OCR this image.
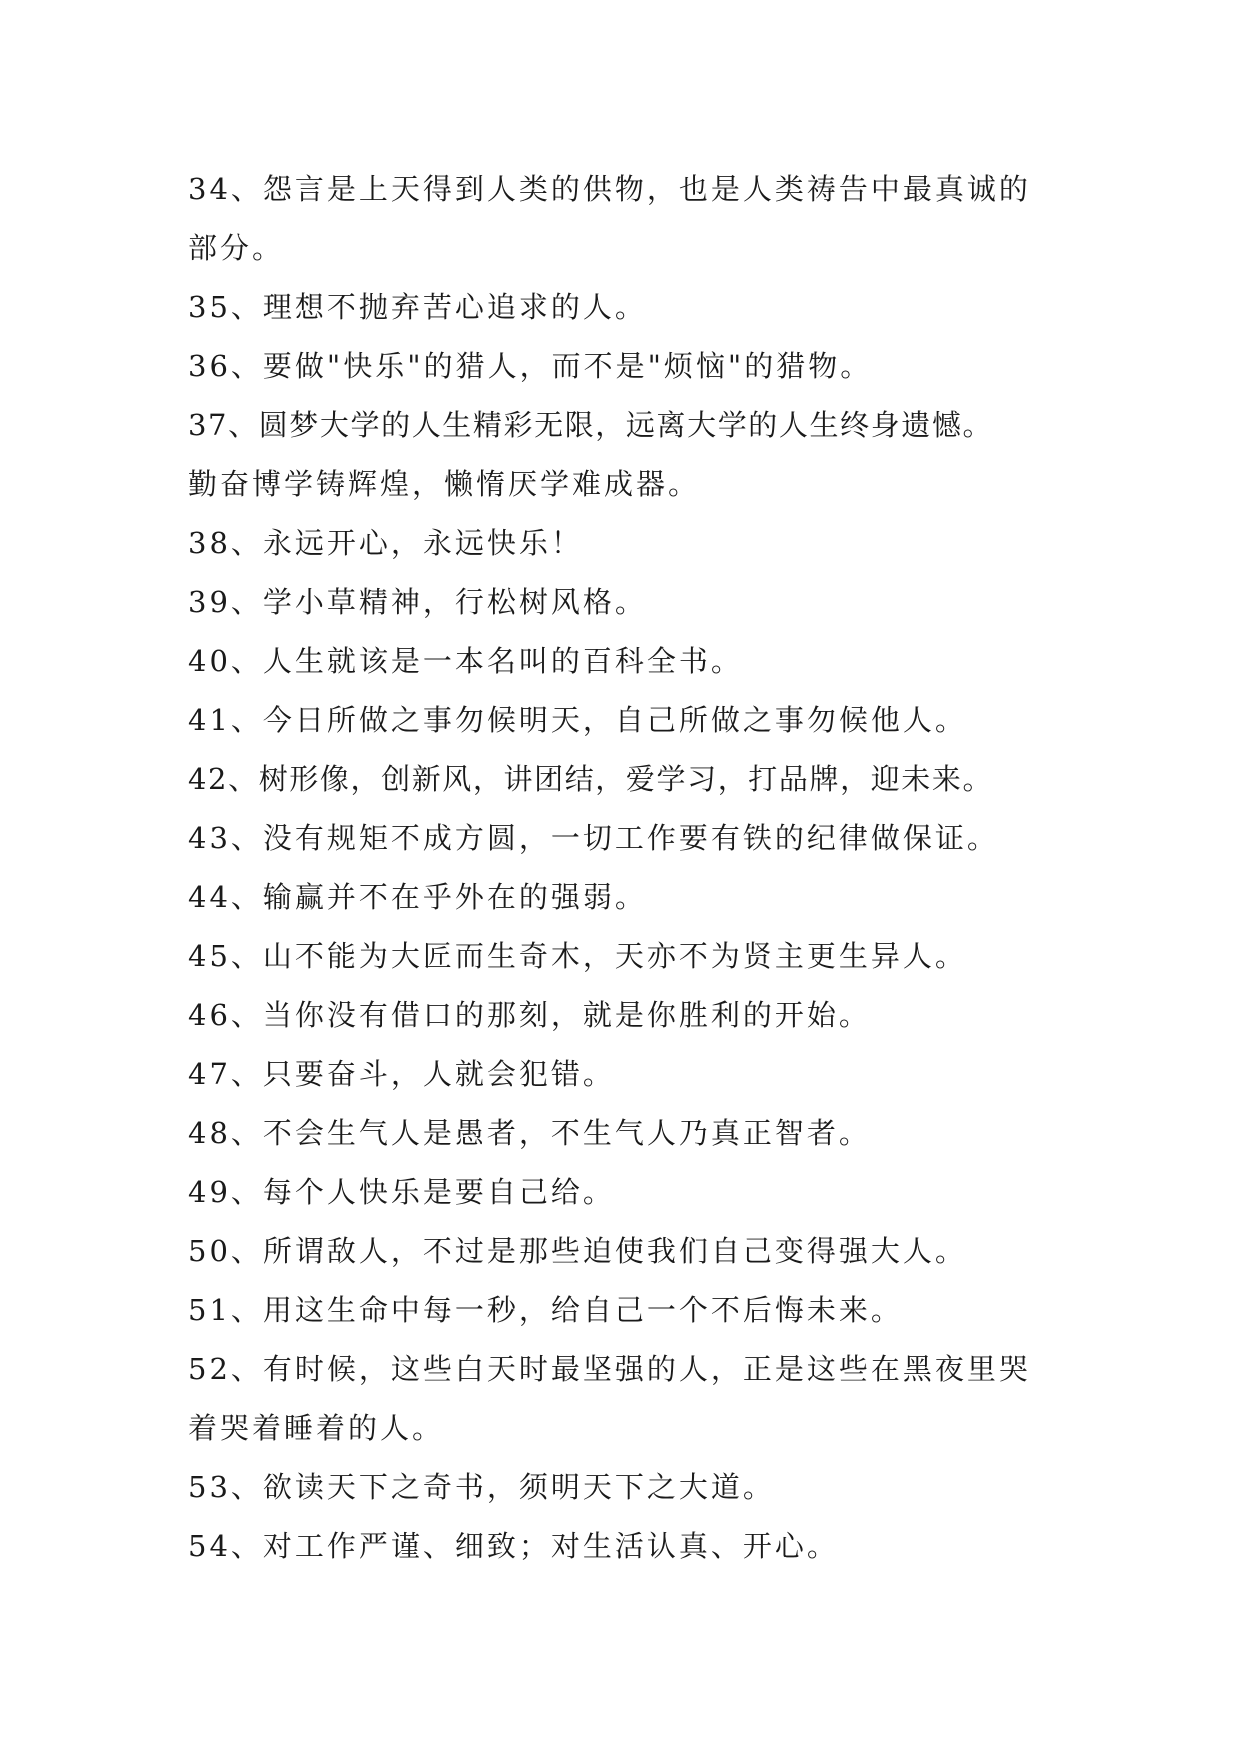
34、怨言是上天得到人类的供物，也是人类祷告中最真诚的
部分。
35、理想不抛弃苦心追求的人。
36、要做"快乐"的猎人，而不是"烦恼"的猎物。
37、圆梦大学的人生精彩无限，远离大学的人生终身遗憾。
勤奋博学铸辉煌，懒惰厌学难成器。
38、永远开心，永远快乐！
39、学小草精神，行松树风格。
40、人生就该是一本名叫的百科全书。
41、今日所做之事勿候明天，自己所做之事勿候他人。
42、树形像，创新风，讲团结，爱学习，打品牌，迎未来。
43、没有规矩不成方圆，一切工作要有铁的纪律做保证。
44、输赢并不在乎外在的强弱。
45、山不能为大匠而生奇木，天亦不为贤主更生异人。
46、当你没有借口的那刻，就是你胜利的开始。
47、只要奋斗，人就会犯错。
48、不会生气人是愚者，不生气人乃真正智者。
49、每个人快乐是要自己给。
50、所谓敌人，不过是那些迫使我们自己变得强大人。
51、用这生命中每一秒，给自己一个不后悔未来。
52、有时候，这些白天时最坚强的人，正是这些在黑夜里哭
着哭着睡着的人。
53、欲读天下之奇书，须明天下之大道。
54、对工作严谨、细致；对生活认真、开心。
